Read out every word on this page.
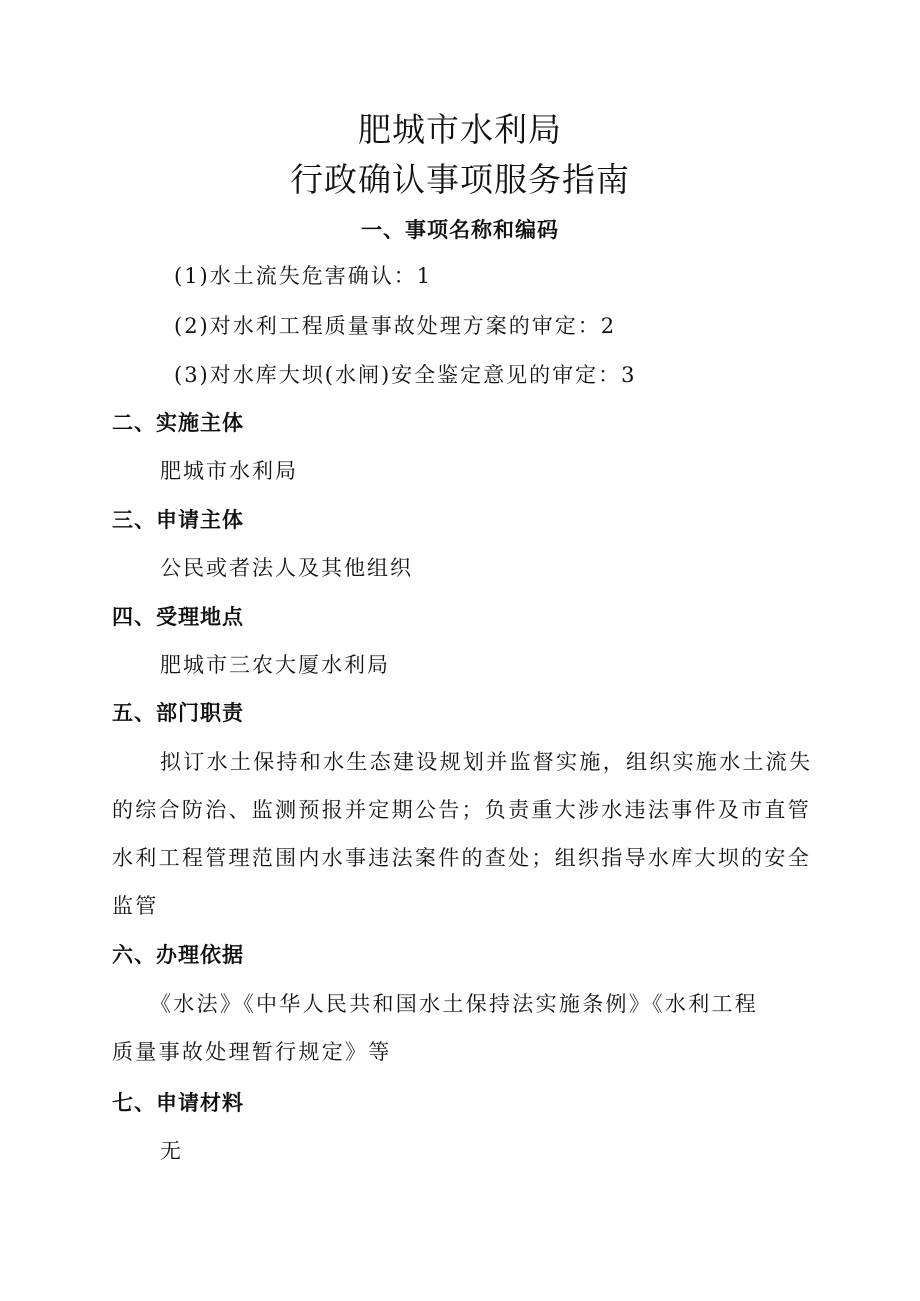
肥城市水利局
行政确认事项服务指南
一、事项名称和编码
(1)水土流失危害确认：1
(2)对水利工程质量事故处理方案的审定：2
(3)对水库大坝(水闸)安全鉴定意见的审定：3
二、实施主体
肥城市水利局
三、申请主体
公民或者法人及其他组织
四、受理地点
肥城市三农大厦水利局
五、部门职责
拟订水土保持和水生态建设规划并监督实施，组织实施水土流失
的综合防治、监测预报并定期公告；负责重大涉水违法事件及市直管
水利工程管理范围内水事违法案件的查处；组织指导水库大坝的安全
监管
六、办理依据
《水法》《中华人民共和国水土保持法实施条例》《水利工程
质量事故处理暂行规定》等
七、申请材料
无
